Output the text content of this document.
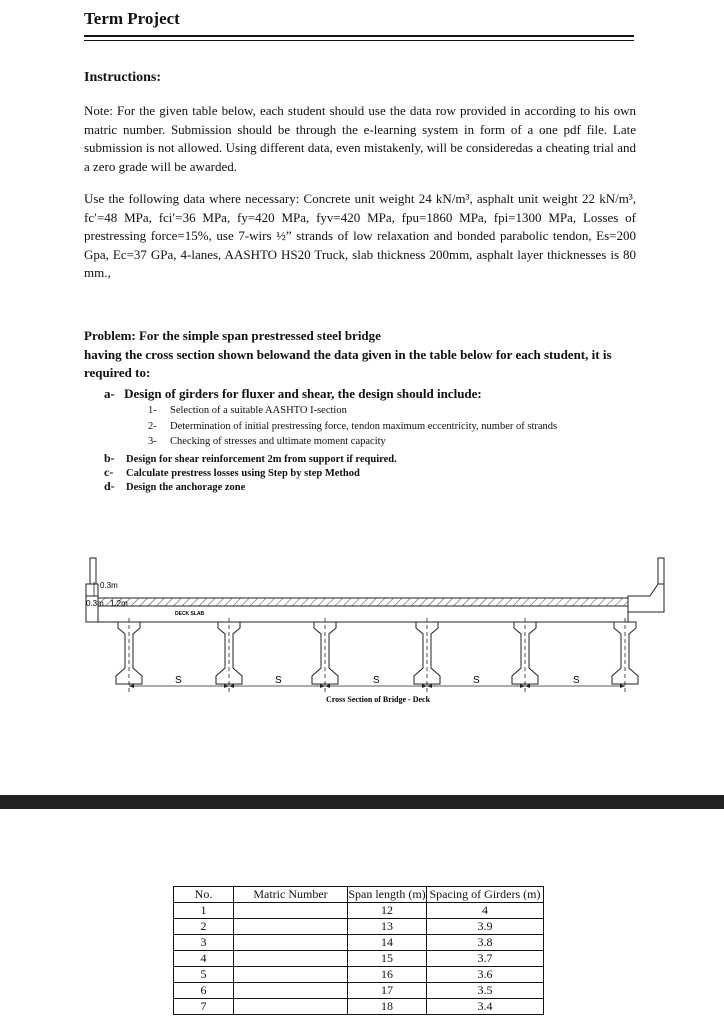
Term Project
Instructions:
Note: For the given table below, each student should use the data row provided in according to his own matric number. Submission should be through the e-learning system in form of a one pdf file. Late submission is not allowed. Using different data, even mistakenly, will be consideredas a cheating trial and a zero grade will be awarded.
Use the following data where necessary: Concrete unit weight 24 kN/m³, asphalt unit weight 22 kN/m³, fc′=48 MPa, fci′=36 MPa, fy=420 MPa, fyv=420 MPa, fpu=1860 MPa, fpi=1300 MPa, Losses of prestressing force=15%, use 7-wirs ½” strands of low relaxation and bonded parabolic tendon, Es=200 Gpa, Ec=37 GPa, 4-lanes, AASHTO HS20 Truck, slab thickness 200mm, asphalt layer thicknesses is 80 mm.,
Problem: For the simple span prestressed steel bridge
having the cross section shown belowand the data given in the table below for each student, it is required to:
a- Design of girders for fluxer and shear, the design should include:
1- Selection of a suitable AASHTO I-section
2- Determination of initial prestressing force, tendon maximum eccentricity, number of strands
3- Checking of stresses and ultimate moment capacity
b- Design for shear reinforcement 2m from support if required.
c- Calculate prestress losses using Step by step Method
d- Design the anchorage zone
DECK SLAB
0.3m
0.3m 1.2m
S	S	S	S	S
Cross Section of Bridge - Deck
No.	Matric Number	Span length (m)	Spacing of Girders (m)
1		12	4
2		13	3.9
3		14	3.8
4		15	3.7
5		16	3.6
6		17	3.5
7		18	3.4
